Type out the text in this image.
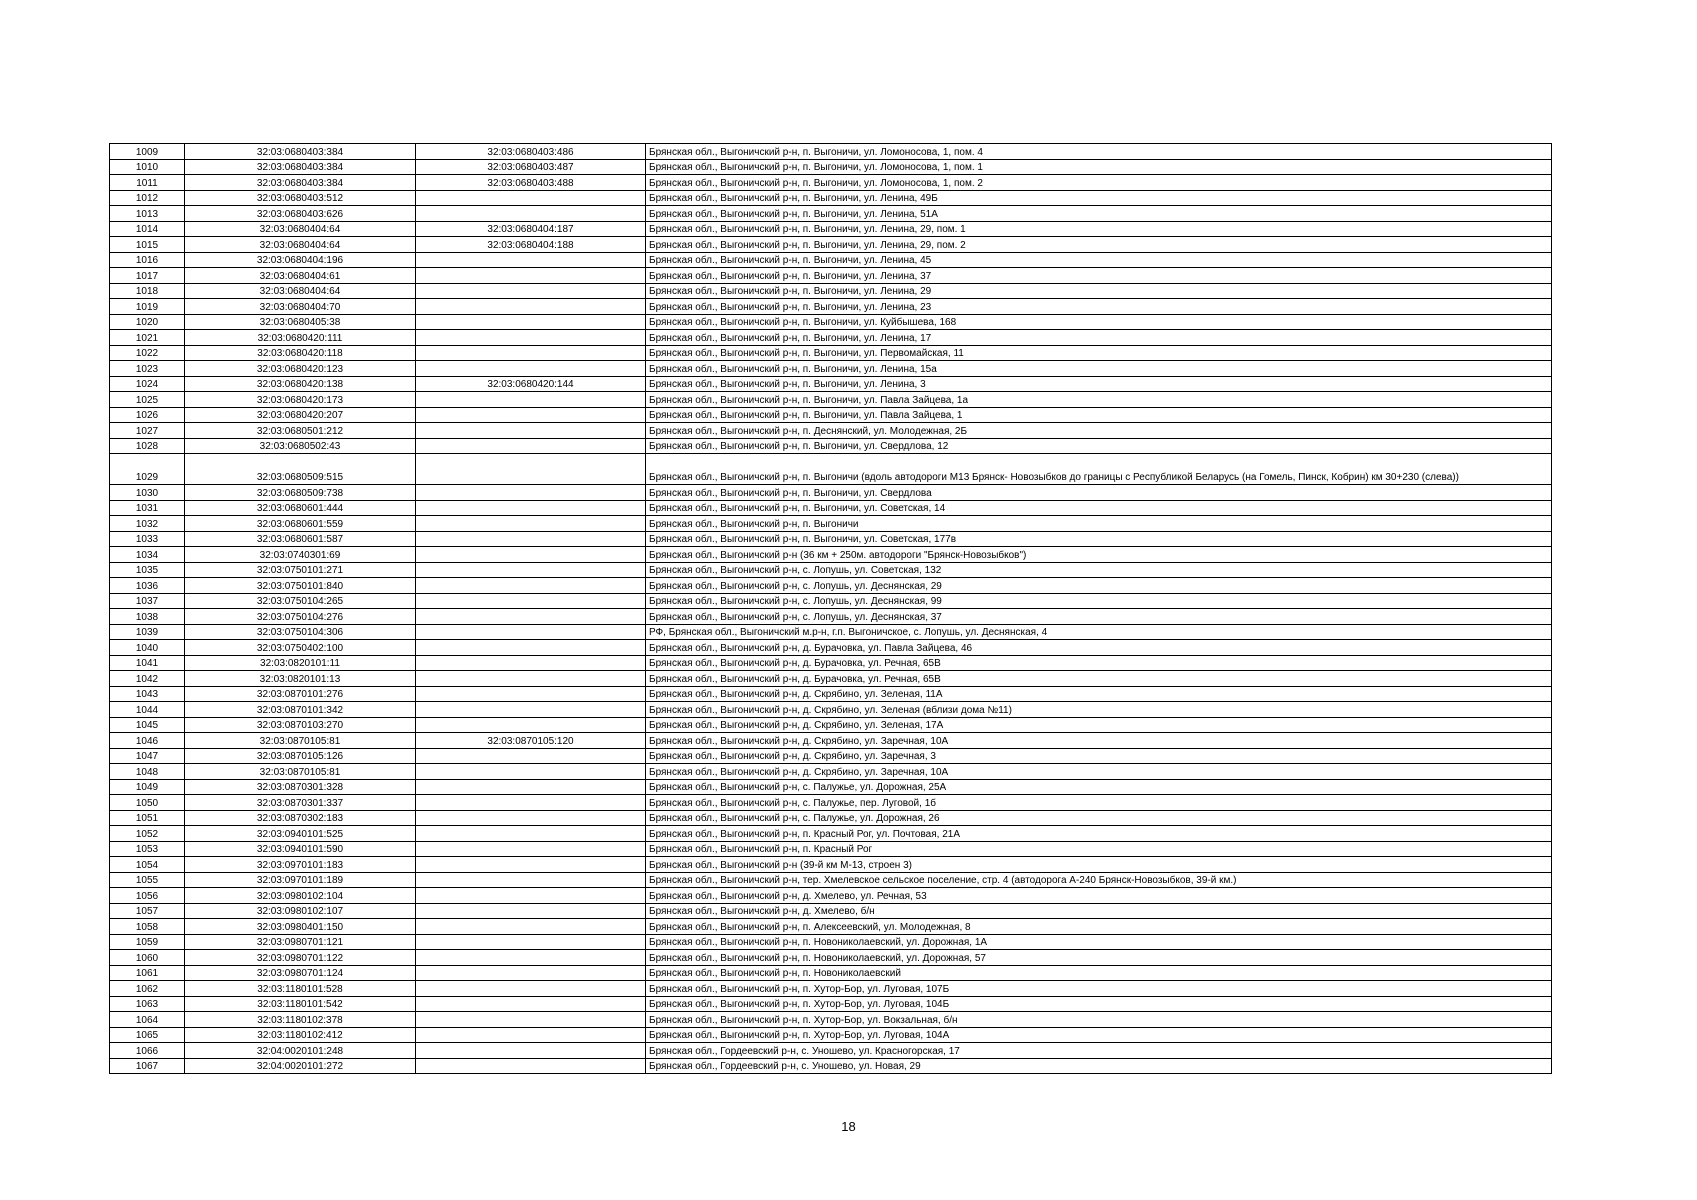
1009	32:03:0680403:384	32:03:0680403:486	Брянская обл., Выгоничский р-н, п. Выгоничи, ул. Ломоносова, 1, пом. 4
1010	32:03:0680403:384	32:03:0680403:487	Брянская обл., Выгоничский р-н, п. Выгоничи, ул. Ломоносова, 1, пом. 1
1011	32:03:0680403:384	32:03:0680403:488	Брянская обл., Выгоничский р-н, п. Выгоничи, ул. Ломоносова, 1, пом. 2
1012	32:03:0680403:512		Брянская обл., Выгоничский р-н, п. Выгоничи, ул. Ленина, 49Б
1013	32:03:0680403:626		Брянская обл., Выгоничский р-н, п. Выгоничи, ул. Ленина, 51А
1014	32:03:0680404:64	32:03:0680404:187	Брянская обл., Выгоничский р-н, п. Выгоничи, ул. Ленина, 29, пом. 1
1015	32:03:0680404:64	32:03:0680404:188	Брянская обл., Выгоничский р-н, п. Выгоничи, ул. Ленина, 29, пом. 2
1016	32:03:0680404:196		Брянская обл., Выгоничский р-н, п. Выгоничи, ул. Ленина, 45
1017	32:03:0680404:61		Брянская обл., Выгоничский р-н, п. Выгоничи, ул. Ленина, 37
1018	32:03:0680404:64		Брянская обл., Выгоничский р-н, п. Выгоничи, ул. Ленина, 29
1019	32:03:0680404:70		Брянская обл., Выгоничский р-н, п. Выгоничи, ул. Ленина, 23
1020	32:03:0680405:38		Брянская обл., Выгоничский р-н, п. Выгоничи, ул. Куйбышева, 168
1021	32:03:0680420:111		Брянская обл., Выгоничский р-н, п. Выгоничи, ул. Ленина, 17
1022	32:03:0680420:118		Брянская обл., Выгоничский р-н, п. Выгоничи, ул. Первомайская, 11
1023	32:03:0680420:123		Брянская обл., Выгоничский р-н, п. Выгоничи, ул. Ленина, 15а
1024	32:03:0680420:138	32:03:0680420:144	Брянская обл., Выгоничский р-н, п. Выгоничи, ул. Ленина, 3
1025	32:03:0680420:173		Брянская обл., Выгоничский р-н, п. Выгоничи, ул. Павла Зайцева, 1а
1026	32:03:0680420:207		Брянская обл., Выгоничский р-н, п. Выгоничи, ул. Павла Зайцева, 1
1027	32:03:0680501:212		Брянская обл., Выгоничский р-н, п. Деснянский, ул. Молодежная, 2Б
1028	32:03:0680502:43		Брянская обл., Выгоничский р-н, п. Выгоничи, ул. Свердлова, 12
1029	32:03:0680509:515		Брянская обл., Выгоничский р-н, п. Выгоничи (вдоль автодороги М13 Брянск- Новозыбков до границы с Республикой Беларусь (на Гомель, Пинск, Кобрин) км 30+230 (слева))
1030	32:03:0680509:738		Брянская обл., Выгоничский р-н, п. Выгоничи, ул. Свердлова
1031	32:03:0680601:444		Брянская обл., Выгоничский р-н, п. Выгоничи, ул. Советская, 14
1032	32:03:0680601:559		Брянская обл., Выгоничский р-н, п. Выгоничи
1033	32:03:0680601:587		Брянская обл., Выгоничский р-н, п. Выгоничи, ул. Советская, 177в
1034	32:03:0740301:69		Брянская обл., Выгоничский р-н (36 км + 250м. автодороги "Брянск-Новозыбков")
1035	32:03:0750101:271		Брянская обл., Выгоничский р-н, с. Лопушь, ул. Советская, 132
1036	32:03:0750101:840		Брянская обл., Выгоничский р-н, с. Лопушь, ул. Деснянская, 29
1037	32:03:0750104:265		Брянская обл., Выгоничский р-н, с. Лопушь, ул. Деснянская, 99
1038	32:03:0750104:276		Брянская обл., Выгоничский р-н, с. Лопушь, ул. Деснянская, 37
1039	32:03:0750104:306		РФ, Брянская обл., Выгоничский м.р-н, г.п. Выгоничское, с. Лопушь, ул. Деснянская, 4
1040	32:03:0750402:100		Брянская обл., Выгоничский р-н, д. Бурачовка, ул. Павла Зайцева, 46
1041	32:03:0820101:11		Брянская обл., Выгоничский р-н, д. Бурачовка, ул. Речная, 65В
1042	32:03:0820101:13		Брянская обл., Выгоничский р-н, д. Бурачовка, ул. Речная, 65В
1043	32:03:0870101:276		Брянская обл., Выгоничский р-н, д. Скрябино, ул. Зеленая, 11А
1044	32:03:0870101:342		Брянская обл., Выгоничский р-н, д. Скрябино, ул. Зеленая (вблизи дома №11)
1045	32:03:0870103:270		Брянская обл., Выгоничский р-н, д. Скрябино, ул. Зеленая, 17А
1046	32:03:0870105:81	32:03:0870105:120	Брянская обл., Выгоничский р-н, д. Скрябино, ул. Заречная, 10А
1047	32:03:0870105:126		Брянская обл., Выгоничский р-н, д. Скрябино, ул. Заречная, 3
1048	32:03:0870105:81		Брянская обл., Выгоничский р-н, д. Скрябино, ул. Заречная, 10А
1049	32:03:0870301:328		Брянская обл., Выгоничский р-н, с. Палужье, ул. Дорожная, 25А
1050	32:03:0870301:337		Брянская обл., Выгоничский р-н, с. Палужье, пер. Луговой, 1б
1051	32:03:0870302:183		Брянская обл., Выгоничский р-н, с. Палужье, ул. Дорожная, 26
1052	32:03:0940101:525		Брянская обл., Выгоничский р-н, п. Красный Рог, ул. Почтовая, 21А
1053	32:03:0940101:590		Брянская обл., Выгоничский р-н, п. Красный Рог
1054	32:03:0970101:183		Брянская обл., Выгоничский р-н (39-й км М-13, строен 3)
1055	32:03:0970101:189		Брянская обл., Выгоничский р-н, тер. Хмелевское сельское поселение, стр. 4 (автодорога А-240 Брянск-Новозыбков, 39-й км.)
1056	32:03:0980102:104		Брянская обл., Выгоничский р-н, д. Хмелево, ул. Речная, 53
1057	32:03:0980102:107		Брянская обл., Выгоничский р-н, д. Хмелево, б/н
1058	32:03:0980401:150		Брянская обл., Выгоничский р-н, п. Алексеевский, ул. Молодежная, 8
1059	32:03:0980701:121		Брянская обл., Выгоничский р-н, п. Новониколаевский, ул. Дорожная, 1А
1060	32:03:0980701:122		Брянская обл., Выгоничский р-н, п. Новониколаевский, ул. Дорожная, 57
1061	32:03:0980701:124		Брянская обл., Выгоничский р-н, п. Новониколаевский
1062	32:03:1180101:528		Брянская обл., Выгоничский р-н, п. Хутор-Бор, ул. Луговая, 107Б
1063	32:03:1180101:542		Брянская обл., Выгоничский р-н, п. Хутор-Бор, ул. Луговая, 104Б
1064	32:03:1180102:378		Брянская обл., Выгоничский р-н, п. Хутор-Бор, ул. Вокзальная, б/н
1065	32:03:1180102:412		Брянская обл., Выгоничский р-н, п. Хутор-Бор, ул. Луговая, 104А
1066	32:04:0020101:248		Брянская обл., Гордеевский р-н, с. Уношево, ул. Красногорская, 17
1067	32:04:0020101:272		Брянская обл., Гордеевский р-н, с. Уношево, ул. Новая, 29
18
